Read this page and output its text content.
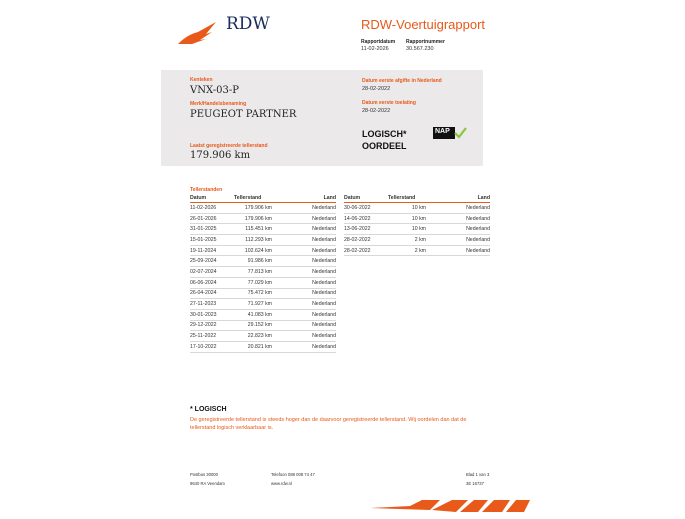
RDW	RDW-Voertuigrapport
Rapportdatum
11-02-2026
Rapportnummer
30.567.230
Kenteken
VNX-03-P
Merk/Handelsbenaming
PEUGEOT PARTNER
Laatst geregistreerde tellerstand
179.906 km
Datum eerste afgifte in Nederland
28-02-2022
Datum eerste toelating
28-02-2022
LOGISCH*
OORDEEL
NAP
Tellerstanden
Datum	Tellerstand	Land
11-02-2026	179.906 km	Nederland
26-01-2026	179.906 km	Nederland
31-01-2025	115.451 km	Nederland
15-01-2025	112.293 km	Nederland
19-11-2024	102.624 km	Nederland
25-09-2024	91.986 km	Nederland
02-07-2024	77.813 km	Nederland
06-06-2024	77.029 km	Nederland
26-04-2024	75.472 km	Nederland
27-11-2023	71.927 km	Nederland
30-01-2023	41.083 km	Nederland
29-12-2022	29.152 km	Nederland
25-11-2022	22.823 km	Nederland
17-10-2022	20.821 km	Nederland
Datum	Tellerstand	Land
30-06-2022	10 km	Nederland
14-06-2022	10 km	Nederland
13-06-2022	10 km	Nederland
28-02-2022	2 km	Nederland
28-02-2022	2 km	Nederland
* LOGISCH
De geregistreerde tellerstand is steeds hoger dan de daarvoor geregistreerde tellerstand. Wij oordelen dan dat de tellerstand logisch verklaarbaar is.
Postbus 30000
9640 RA Veendam
Telefoon 088 008 74 47
www.rdw.nl
Blad 1 van 3
3E 16737
